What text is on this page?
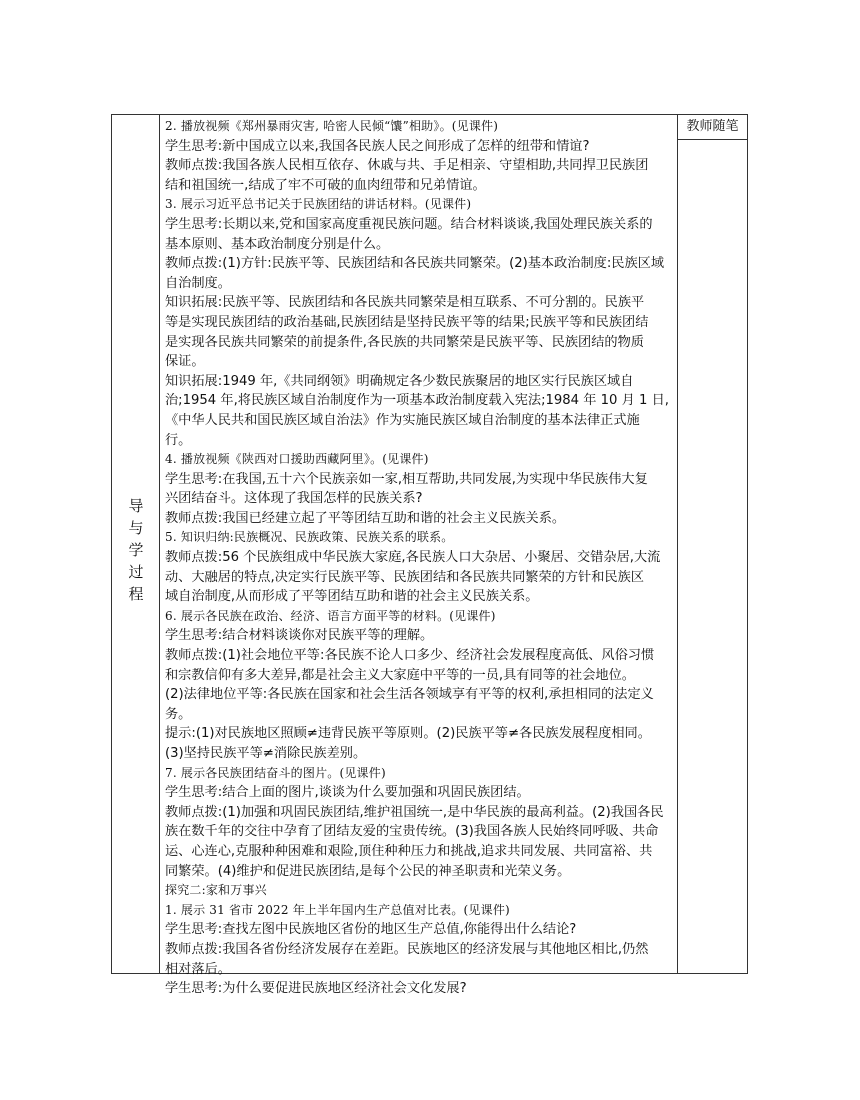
导
与
学
过
程
2. 播放视频《郑州暴雨灾害, 哈密人民倾“馕”相助》。(见课件)
学生思考:新中国成立以来,我国各民族人民之间形成了怎样的纽带和情谊?
教师点拨:我国各族人民相互依存、休戚与共、手足相亲、守望相助,共同捍卫民族团
结和祖国统一,结成了牢不可破的血肉纽带和兄弟情谊。
3. 展示习近平总书记关于民族团结的讲话材料。(见课件)
学生思考:长期以来,党和国家高度重视民族问题。结合材料谈谈,我国处理民族关系的
基本原则、基本政治制度分别是什么。
教师点拨:(1)方针:民族平等、民族团结和各民族共同繁荣。(2)基本政治制度:民族区域
自治制度。
知识拓展:民族平等、民族团结和各民族共同繁荣是相互联系、不可分割的。民族平
等是实现民族团结的政治基础,民族团结是坚持民族平等的结果;民族平等和民族团结
是实现各民族共同繁荣的前提条件,各民族的共同繁荣是民族平等、民族团结的物质
保证。
知识拓展:1949 年,《共同纲领》明确规定各少数民族聚居的地区实行民族区域自
治;1954 年,将民族区域自治制度作为一项基本政治制度载入宪法;1984 年 10 月 1 日,
《中华人民共和国民族区域自治法》作为实施民族区域自治制度的基本法律正式施
行。
4. 播放视频《陕西对口援助西藏阿里》。(见课件)
学生思考:在我国,五十六个民族亲如一家,相互帮助,共同发展,为实现中华民族伟大复
兴团结奋斗。这体现了我国怎样的民族关系?
教师点拨:我国已经建立起了平等团结互助和谐的社会主义民族关系。
5. 知识归纳:民族概况、民族政策、民族关系的联系。
教师点拨:56 个民族组成中华民族大家庭,各民族人口大杂居、小聚居、交错杂居,大流
动、大融居的特点,决定实行民族平等、民族团结和各民族共同繁荣的方针和民族区
域自治制度,从而形成了平等团结互助和谐的社会主义民族关系。
6. 展示各民族在政治、经济、语言方面平等的材料。(见课件)
学生思考:结合材料谈谈你对民族平等的理解。
教师点拨:(1)社会地位平等:各民族不论人口多少、经济社会发展程度高低、风俗习惯
和宗教信仰有多大差异,都是社会主义大家庭中平等的一员,具有同等的社会地位。
(2)法律地位平等:各民族在国家和社会生活各领域享有平等的权利,承担相同的法定义
务。
提示:(1)对民族地区照顾≠违背民族平等原则。(2)民族平等≠各民族发展程度相同。
(3)坚持民族平等≠消除民族差别。
7. 展示各民族团结奋斗的图片。(见课件)
学生思考:结合上面的图片,谈谈为什么要加强和巩固民族团结。
教师点拨:(1)加强和巩固民族团结,维护祖国统一,是中华民族的最高利益。(2)我国各民
族在数千年的交往中孕育了团结友爱的宝贵传统。(3)我国各族人民始终同呼吸、共命
运、心连心,克服种种困难和艰险,顶住种种压力和挑战,追求共同发展、共同富裕、共
同繁荣。(4)维护和促进民族团结,是每个公民的神圣职责和光荣义务。
探究二:家和万事兴
1. 展示 31 省市 2022 年上半年国内生产总值对比表。(见课件)
学生思考:查找左图中民族地区省份的地区生产总值,你能得出什么结论?
教师点拨:我国各省份经济发展存在差距。民族地区的经济发展与其他地区相比,仍然
相对落后。
学生思考:为什么要促进民族地区经济社会文化发展?
教师随笔
